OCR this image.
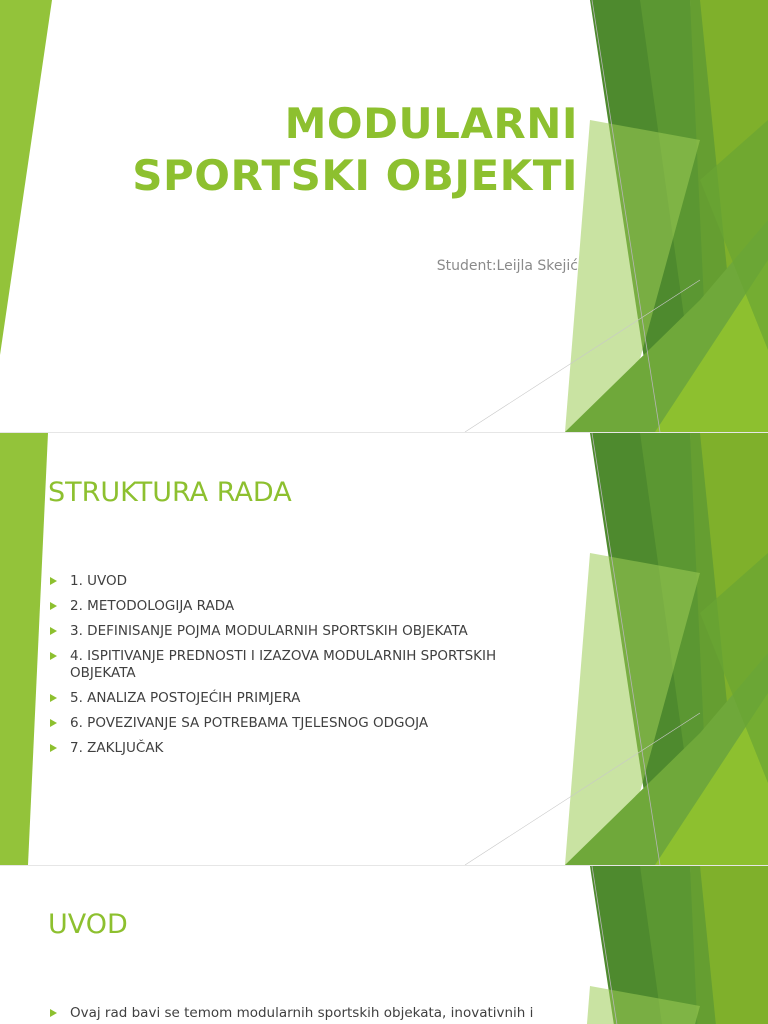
MODULARNI
SPORTSKI OBJEKTI
Student:Leijla Skejić
STRUKTURA RADA
1. UVOD
2. METODOLOGIJA RADA
3. DEFINISANJE POJMA MODULARNIH SPORTSKIH OBJEKATA
4. ISPITIVANJE PREDNOSTI I IZAZOVA MODULARNIH SPORTSKIH OBJEKATA
5. ANALIZA POSTOJEĆIH PRIMJERA
6. POVEZIVANJE SA POTREBAMA TJELESNOG ODGOJA
7. ZAKLJUČAK
UVOD

Ovaj rad bavi se temom modularnih sportskih objekata, inovativnih i
